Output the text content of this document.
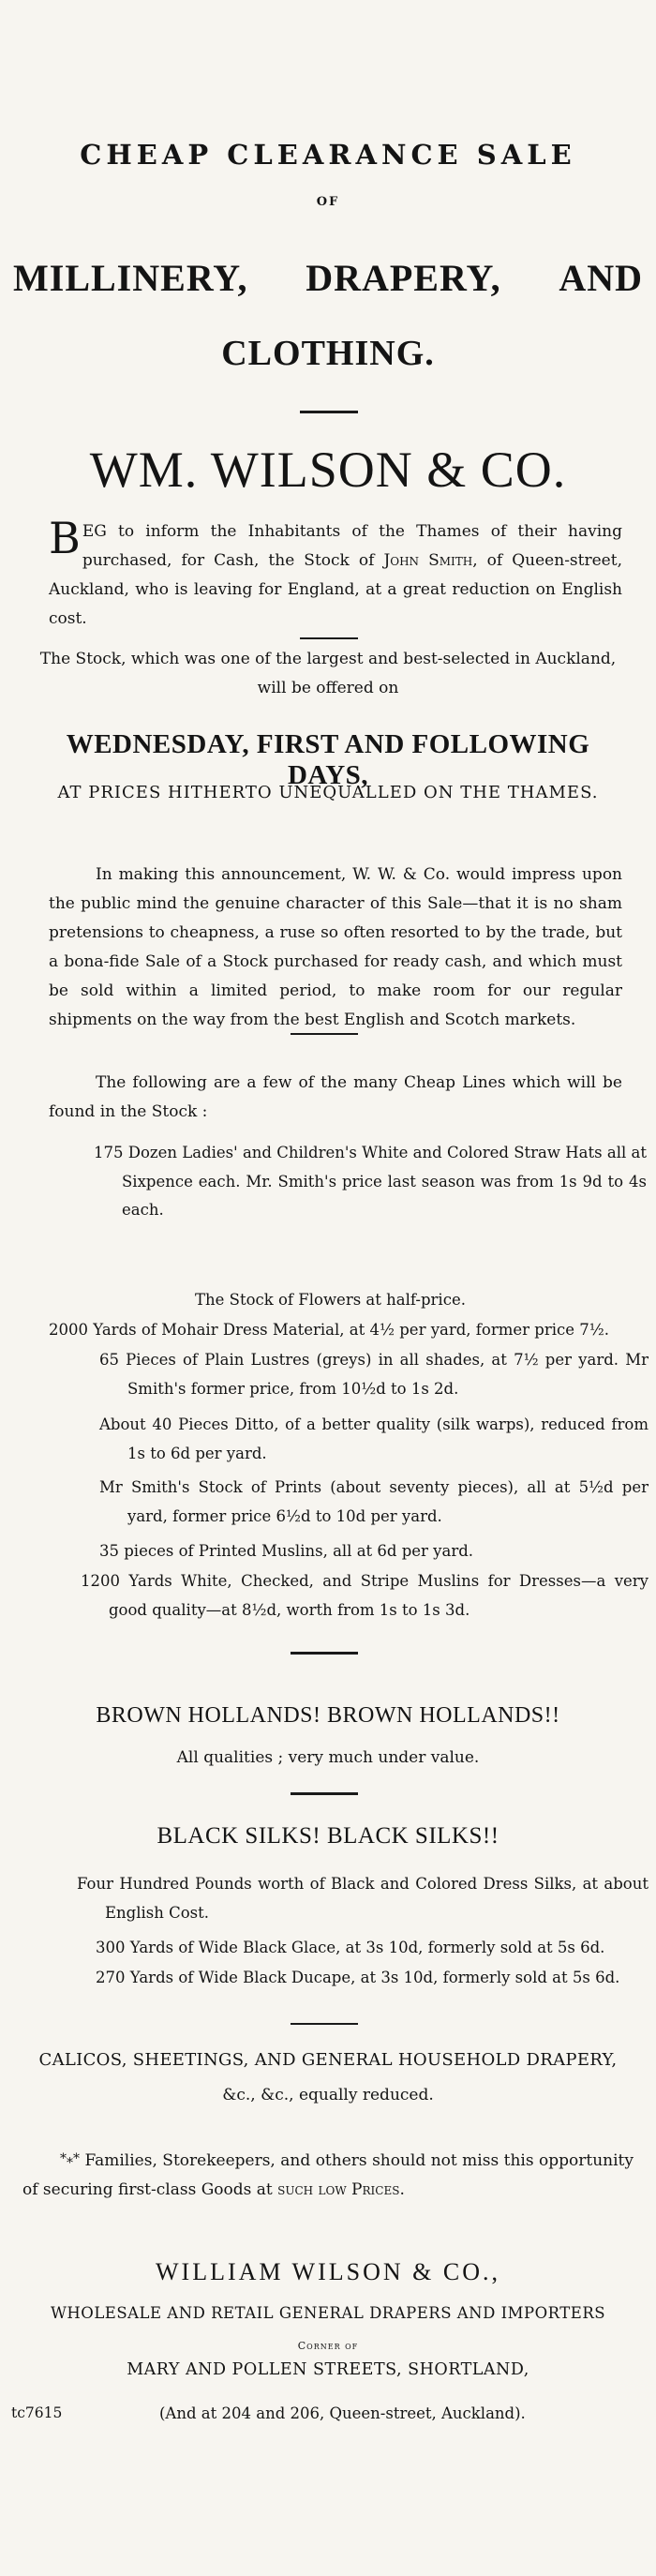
CHEAP CLEARANCE SALE
OF
MILLINERY, DRAPERY, AND
CLOTHING.
WM. WILSON & CO.
BEG to inform the Inhabitants of the Thames of their having purchased, for Cash, the Stock of John Smith, of Queen-street, Auckland, who is leaving for England, at a great reduction on English cost.
The Stock, which was one of the largest and best-selected in Auckland,
will be offered on
WEDNESDAY, FIRST AND FOLLOWING DAYS,
AT PRICES HITHERTO UNEQUALLED ON THE THAMES.
In making this announcement, W. W. & Co. would impress upon the public mind the genuine character of this Sale—that it is no sham pretensions to cheapness, a ruse so often resorted to by the trade, but a bona-fide Sale of a Stock purchased for ready cash, and which must be sold within a limited period, to make room for our regular shipments on the way from the best English and Scotch markets.
The following are a few of the many Cheap Lines which will be found in the Stock :
175 Dozen Ladies' and Children's White and Colored Straw Hats all at Sixpence each. Mr. Smith's price last season was from 1s 9d to 4s each.
The Stock of Flowers at half-price.
2000 Yards of Mohair Dress Material, at 4½ per yard, former price 7½.
65 Pieces of Plain Lustres (greys) in all shades, at 7½ per yard. Mr Smith's former price, from 10½d to 1s 2d.
About 40 Pieces Ditto, of a better quality (silk warps), reduced from 1s to 6d per yard.
Mr Smith's Stock of Prints (about seventy pieces), all at 5½d per yard, former price 6½d to 10d per yard.
35 pieces of Printed Muslins, all at 6d per yard.
1200 Yards White, Checked, and Stripe Muslins for Dresses—a very good quality—at 8½d, worth from 1s to 1s 3d.
BROWN HOLLANDS! BROWN HOLLANDS!!
All qualities ; very much under value.
BLACK SILKS! BLACK SILKS!!
Four Hundred Pounds worth of Black and Colored Dress Silks, at about English Cost.
300 Yards of Wide Black Glace, at 3s 10d, formerly sold at 5s 6d.
270 Yards of Wide Black Ducape, at 3s 10d, formerly sold at 5s 6d.
CALICOS, SHEETINGS, AND GENERAL HOUSEHOLD DRAPERY,
&c., &c., equally reduced.
*⁎* Families, Storekeepers, and others should not miss this opportunity of securing first-class Goods at such low Prices.
WILLIAM WILSON & CO.,
WHOLESALE AND RETAIL GENERAL DRAPERS AND IMPORTERS
Corner of
MARY AND POLLEN STREETS, SHORTLAND,
tc7615	(And at 204 and 206, Queen-street, Auckland).
